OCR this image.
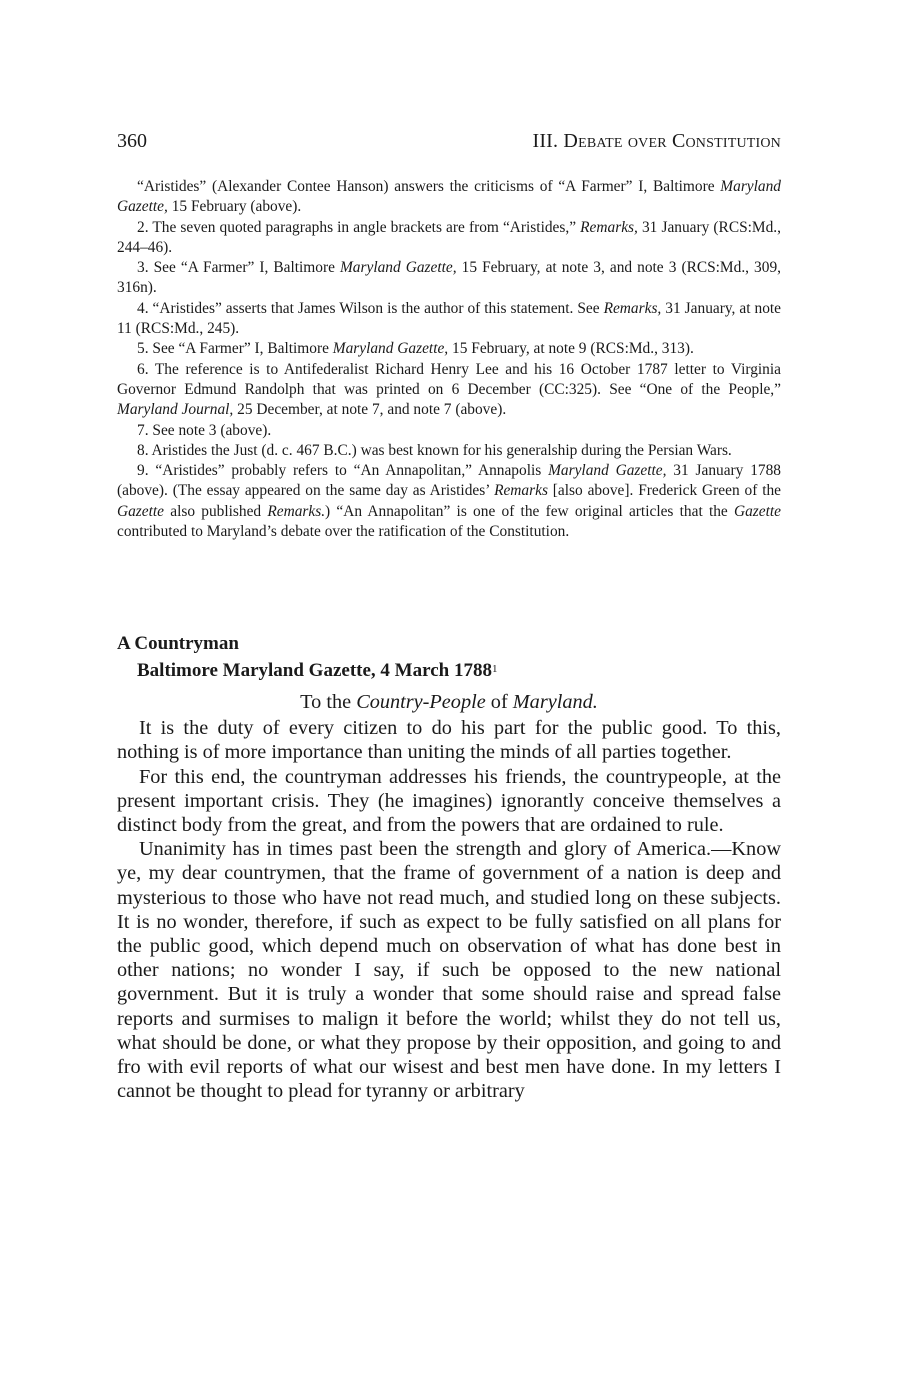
360	III. Debate over Constitution

“Aristides” (Alexander Contee Hanson) answers the criticisms of “A Farmer” I, Baltimore Maryland Gazette, 15 February (above).

2. The seven quoted paragraphs in angle brackets are from “Aristides,” Remarks, 31 January (RCS:Md., 244–46).

3. See “A Farmer” I, Baltimore Maryland Gazette, 15 February, at note 3, and note 3 (RCS:Md., 309, 316n).

4. “Aristides” asserts that James Wilson is the author of this statement. See Remarks, 31 January, at note 11 (RCS:Md., 245).

5. See “A Farmer” I, Baltimore Maryland Gazette, 15 February, at note 9 (RCS:Md., 313).

6. The reference is to Antifederalist Richard Henry Lee and his 16 October 1787 letter to Virginia Governor Edmund Randolph that was printed on 6 December (CC:325). See “One of the People,” Maryland Journal, 25 December, at note 7, and note 7 (above).

7. See note 3 (above).

8. Aristides the Just (d. c. 467 B.C.) was best known for his generalship during the Persian Wars.

9. “Aristides” probably refers to “An Annapolitan,” Annapolis Maryland Gazette, 31 January 1788 (above). (The essay appeared on the same day as Aristides’ Remarks [also above]. Frederick Green of the Gazette also published Remarks.) “An Annapolitan” is one of the few original articles that the Gazette contributed to Maryland’s debate over the ratification of the Constitution.

A Countryman
Baltimore Maryland Gazette, 4 March 1788$^1$

To the Country-People of Maryland.

It is the duty of every citizen to do his part for the public good. To this, nothing is of more importance than uniting the minds of all parties together.

For this end, the countryman addresses his friends, the countrypeople, at the present important crisis. They (he imagines) ignorantly conceive themselves a distinct body from the great, and from the powers that are ordained to rule.

Unanimity has in times past been the strength and glory of America.—Know ye, my dear countrymen, that the frame of government of a nation is deep and mysterious to those who have not read much, and studied long on these subjects. It is no wonder, therefore, if such as expect to be fully satisfied on all plans for the public good, which depend much on observation of what has done best in other nations; no wonder I say, if such be opposed to the new national government. But it is truly a wonder that some should raise and spread false reports and surmises to malign it before the world; whilst they do not tell us, what should be done, or what they propose by their opposition, and going to and fro with evil reports of what our wisest and best men have done. In my letters I cannot be thought to plead for tyranny or arbitrary
